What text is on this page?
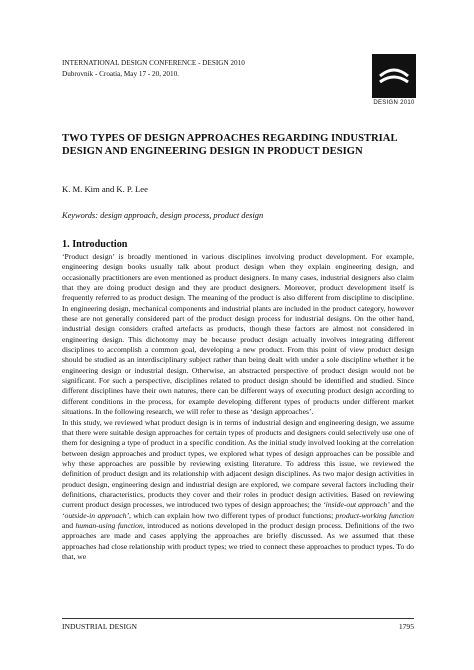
INTERNATIONAL DESIGN CONFERENCE - DESIGN 2010
Dubrovnik - Croatia, May 17 - 20, 2010.
DESIGN 2010
TWO TYPES OF DESIGN APPROACHES REGARDING INDUSTRIAL DESIGN AND ENGINEERING DESIGN IN PRODUCT DESIGN
K. M. Kim and K. P. Lee
Keywords: design approach, design process, product design
1. Introduction

‘Product design’ is broadly mentioned in various disciplines involving product development. For example, engineering design books usually talk about product design when they explain engineering design, and occasionally practitioners are even mentioned as product designers. In many cases, industrial designers also claim that they are doing product design and they are product designers. Moreover, product development itself is frequently referred to as product design. The meaning of the product is also different from discipline to discipline. In engineering design, mechanical components and industrial plants are included in the product category, however these are not generally considered part of the product design process for industrial designs. On the other hand, industrial design considers crafted artefacts as products, though these factors are almost not considered in engineering design. This dichotomy may be because product design actually involves integrating different disciplines to accomplish a common goal, developing a new product. From this point of view product design should be studied as an interdisciplinary subject rather than being dealt with under a sole discipline whether it be engineering design or industrial design. Otherwise, an abstracted perspective of product design would not be significant. For such a perspective, disciplines related to product design should be identified and studied. Since different disciplines have their own natures, there can be different ways of executing product design according to different conditions in the process, for example developing different types of products under different market situations. In the following research, we will refer to these as ‘design approaches’.

In this study, we reviewed what product design is in terms of industrial design and engineering design, we assume that there were suitable design approaches for certain types of products and designers could selectively use one of them for designing a type of product in a specific condition. As the initial study involved looking at the correlation between design approaches and product types, we explored what types of design approaches can be possible and why these approaches are possible by reviewing existing literature. To address this issue, we reviewed the definition of product design and its relationship with adjacent design disciplines. As two major design activities in product design, engineering design and industrial design are explored, we compare several factors including their definitions, characteristics, products they cover and their roles in product design activities. Based on reviewing current product design processes, we introduced two types of design approaches; the ‘inside-out approach’ and the ‘outside-in approach’, which can explain how two different types of product functions; product-working function and human-using function, introduced as notions developed in the product design process. Definitions of the two approaches are made and cases applying the approaches are briefly discussed. As we assumed that these approaches had close relationship with product types; we tried to connect these approaches to product types. To do that, we

INDUSTRIAL DESIGN	1795
